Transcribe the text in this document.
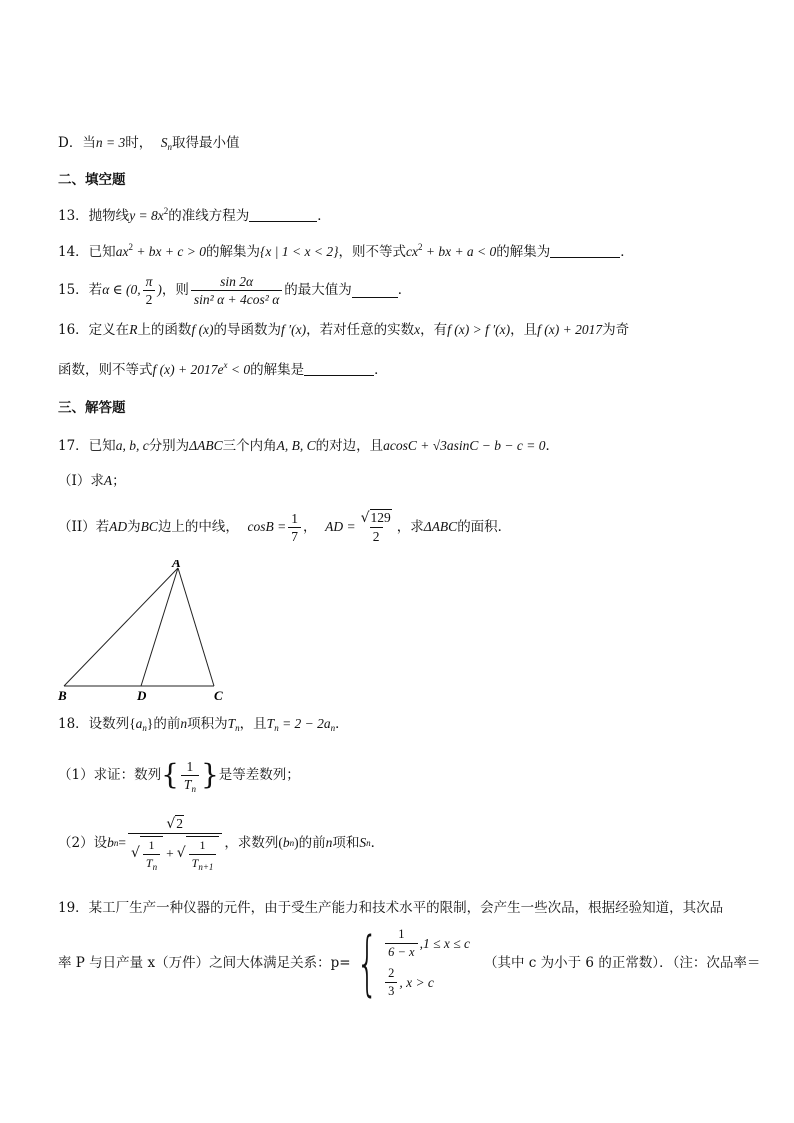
D．当n = 3时， $S_n$取得最小值
二、填空题
13．抛物线$y = 8x^2$的准线方程为	．
14．已知$ax^2$ + bx + c > 0的解集为{x | 1 < x < 2}，则不等式$cx^2$ + bx + a < 0的解集为	．
15．若 α ∈ (0, $\frac{\pi}{2}$ ) ，则 $\frac{\sin 2\alpha}{\text{sin² α + 4cos² α}}$ 的最大值为	．
16．定义在R上的函数f (x)的导函数为f ′(x)，若对任意的实数x，有f (x) > f ′(x)，且f (x) + 2017为奇
函数，则不等式f $(x) + 2017e^x < 0$的解集是	．
三、解答题
17．已知a, b, c分别为ΔABC三个内角A, B, C的对边，且acosC + √3asinC − b − c = 0．
（I）求A；
（II）若 AD 为 BC 边上的中线，
$\cos B = \frac{1}{7}$ ，
AD = $\frac{√129}{2}$ ，求 ΔABC 的面积．
A
B	D	C
18．设数列$\{a_n\}$的前n项积为$T_n$，且$T_n = 2 - 2a_n$．
（1）求证：数列 { $\frac{1}{T_n}$ } 是等差数列；
（2）设 b $n = \frac{√2}{√ \frac{1}{T_n} + √ \frac{1}{T_{n+1}}}$ ，求数列 ( b n ) 的前 n 项和 S n ．
19．某工厂生产一种仪器的元件，由于受生产能力和技术水平的限制，会产生一些次品，根据经验知道，其次品
率 P 与日产量 x（万件）之间大体满足关系：p= { $\frac{1}{6 - x} ,1 \le x \le c$
$\frac{2}{3}$ , x > c
（其中 c 为小于 6 的正常数）．（注：次品率＝
